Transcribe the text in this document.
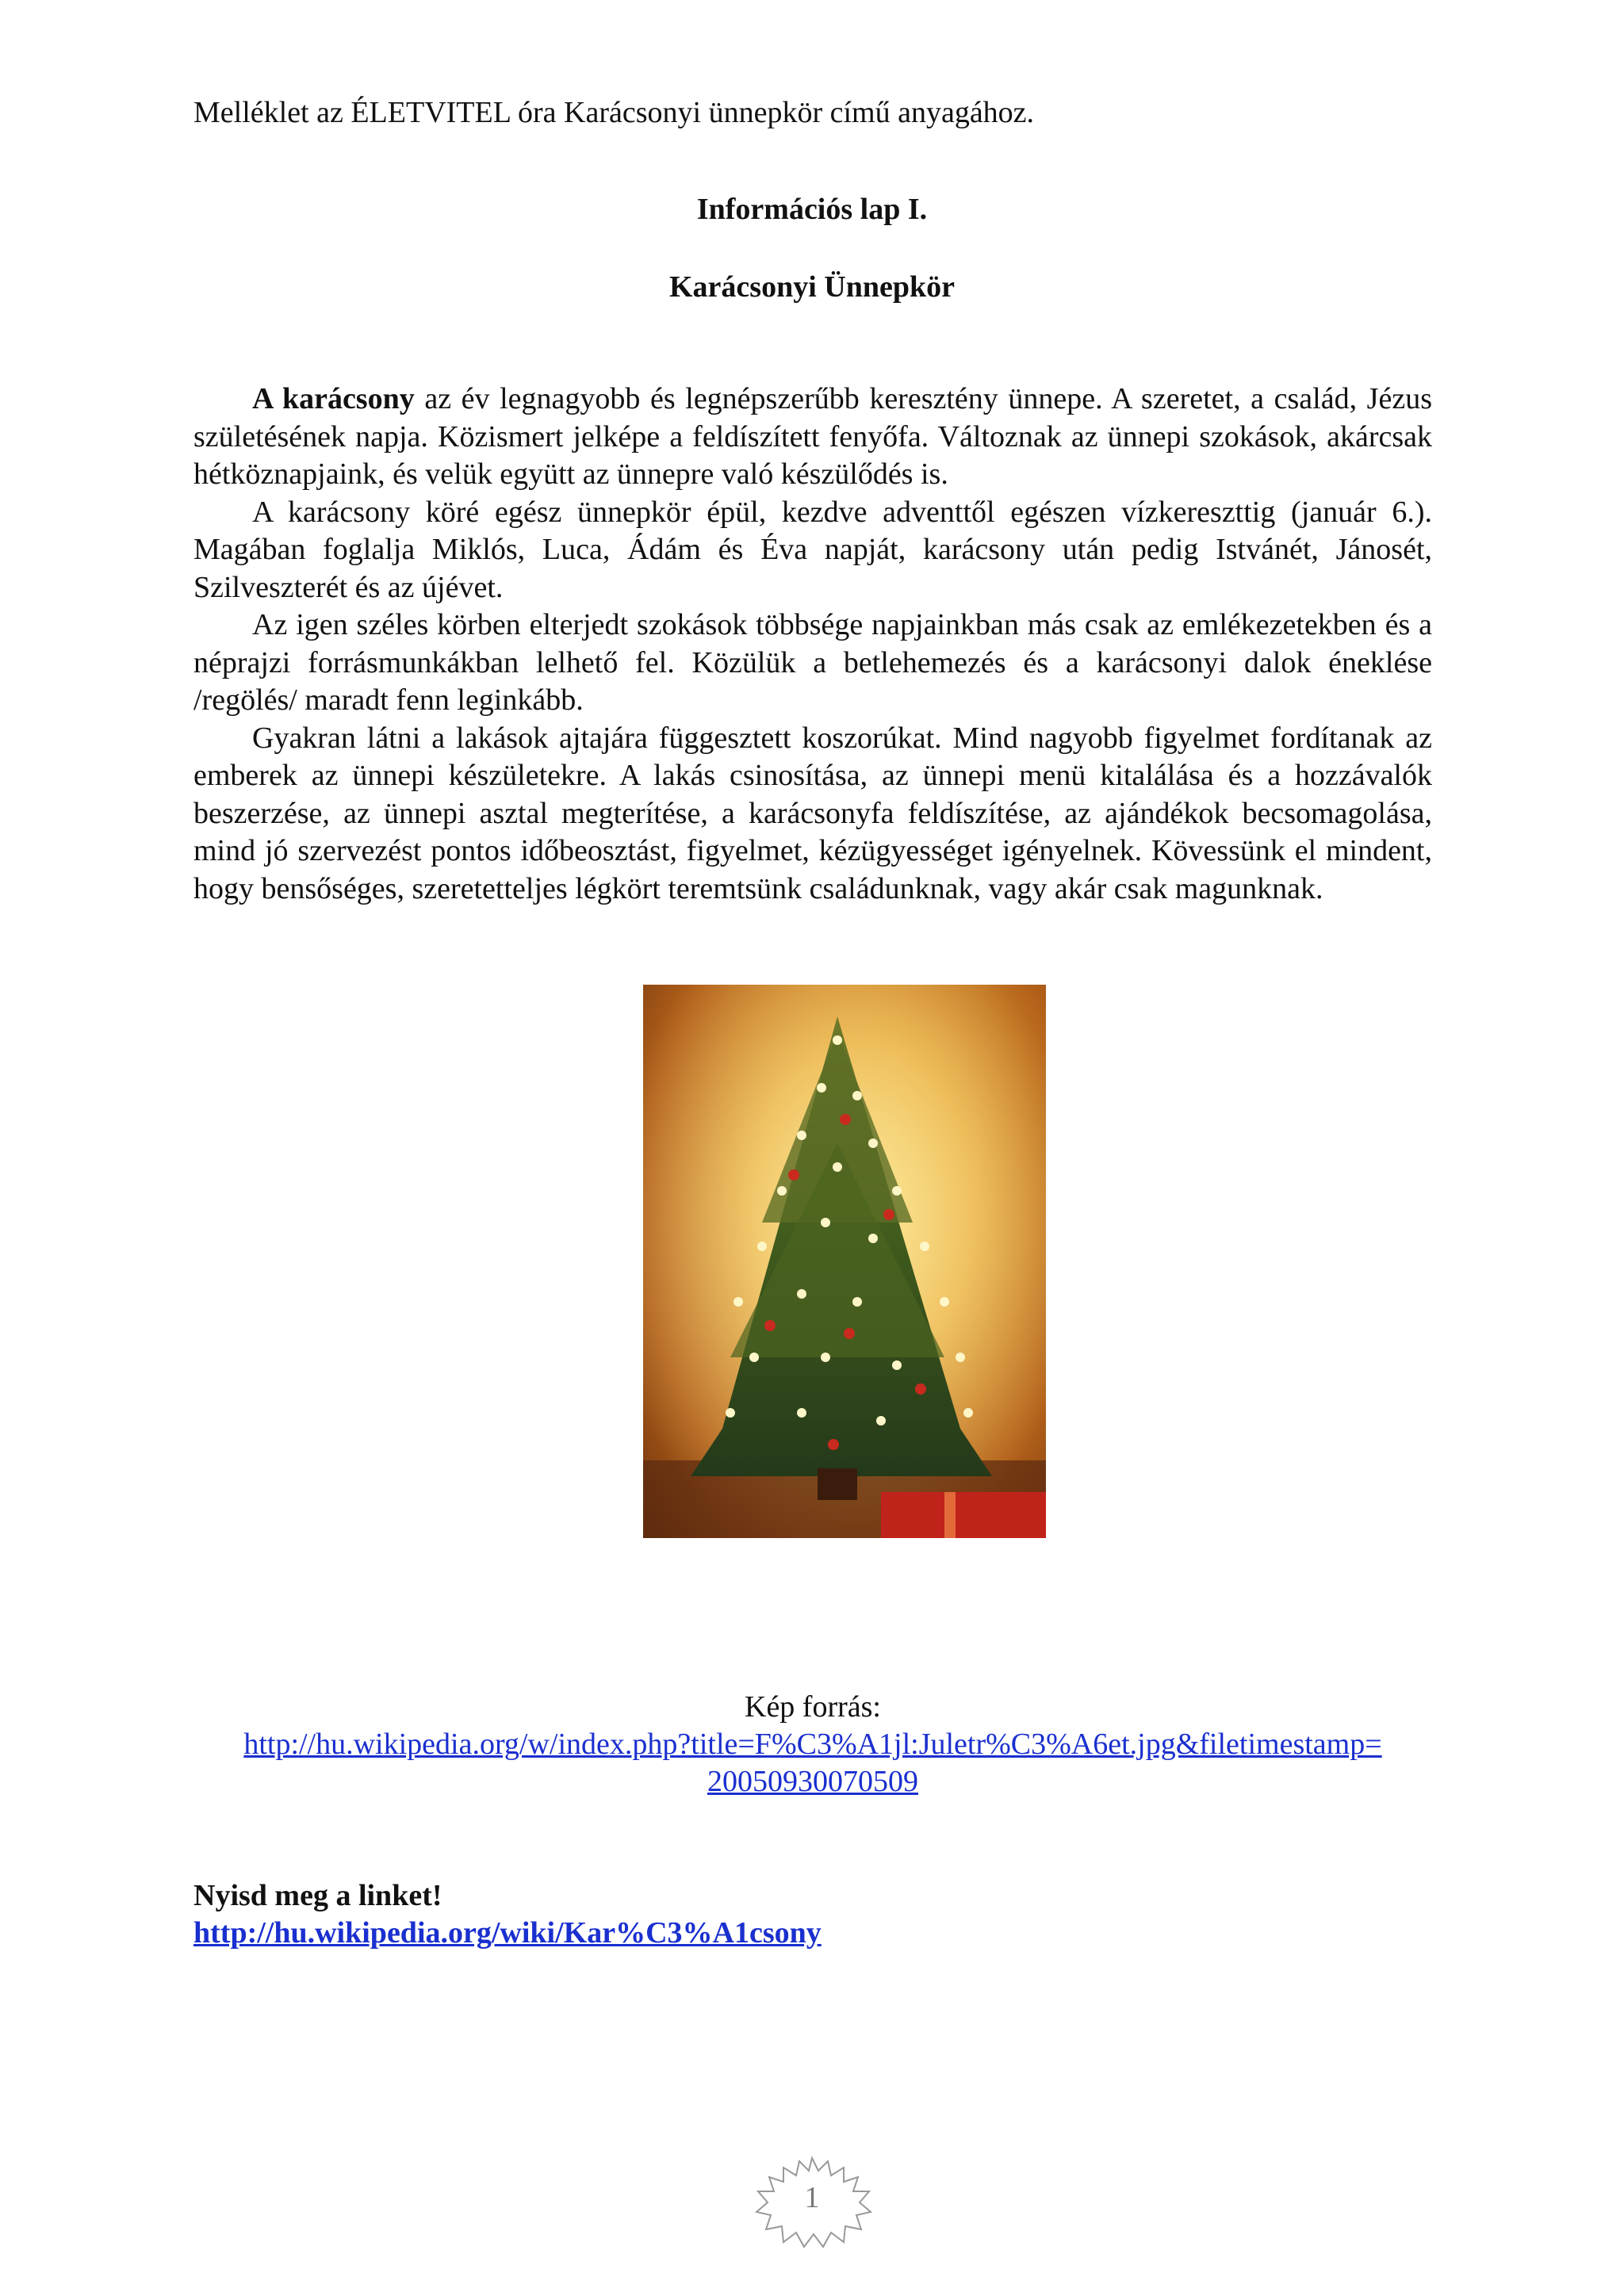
Melléklet az ÉLETVITEL óra Karácsonyi ünnepkör című anyagához.
Információs lap I.
Karácsonyi Ünnepkör

A karácsony az év legnagyobb és legnépszerűbb keresztény ünnepe. A szeretet, a család, Jézus születésének napja. Közismert jelképe a feldíszített fenyőfa. Változnak az ünnepi szokások, akárcsak hétköznapjaink, és velük együtt az ünnepre való készülődés is.

A karácsony köré egész ünnepkör épül, kezdve adventtől egészen vízkereszttig (január 6.). Magában foglalja Miklós, Luca, Ádám és Éva napját, karácsony után pedig Istvánét, Jánosét, Szilveszterét és az újévet.

Az igen széles körben elterjedt szokások többsége napjainkban más csak az emlékezetekben és a néprajzi forrásmunkákban lelhető fel. Közülük a betlehemezés és a karácsonyi dalok éneklése /regölés/ maradt fenn leginkább.

Gyakran látni a lakások ajtajára függesztett koszorúkat. Mind nagyobb figyelmet fordítanak az emberek az ünnepi készületekre. A lakás csinosítása, az ünnepi menü kitalálása és a hozzávalók beszerzése, az ünnepi asztal megterítése, a karácsonyfa feldíszítése, az ajándékok becsomagolása, mind jó szervezést pontos időbeosztást, figyelmet, kézügyességet igényelnek. Kövessünk el mindent, hogy bensőséges, szeretetteljes légkört teremtsünk családunknak, vagy akár csak magunknak.

Kép forrás:
http://hu.wikipedia.org/w/index.php?title=F%C3%A1jl:Juletr%C3%A6et.jpg&filetimestamp=
20050930070509
Nyisd meg a linket!
http://hu.wikipedia.org/wiki/Kar%C3%A1csony
1
